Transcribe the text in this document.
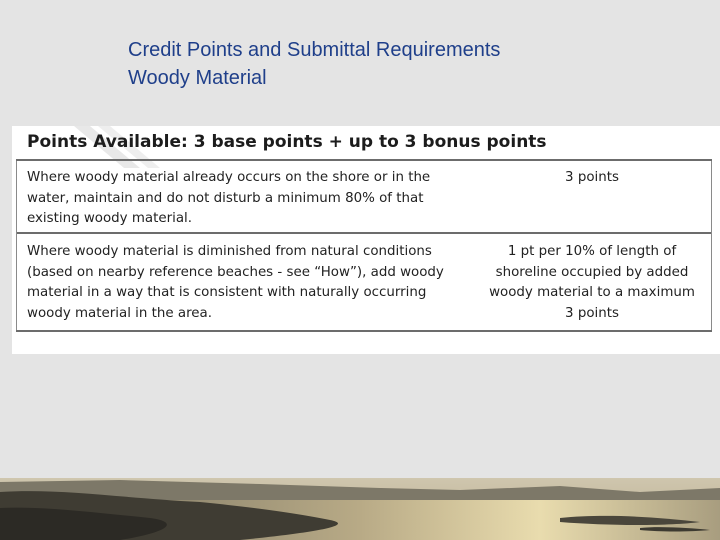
Credit Points and Submittal Requirements
Woody Material
Points Available: 3 base points + up to 3 bonus points
Where woody material already occurs on the shore or in the
water, maintain and do not disturb a minimum 80% of that
existing woody material.
3 points
Where woody material is diminished from natural conditions
(based on nearby reference beaches - see “How”), add woody
material in a way that is consistent with naturally occurring
woody material in the area.
1 pt per 10% of length of
shoreline occupied by added
woody material to a maximum
3 points
